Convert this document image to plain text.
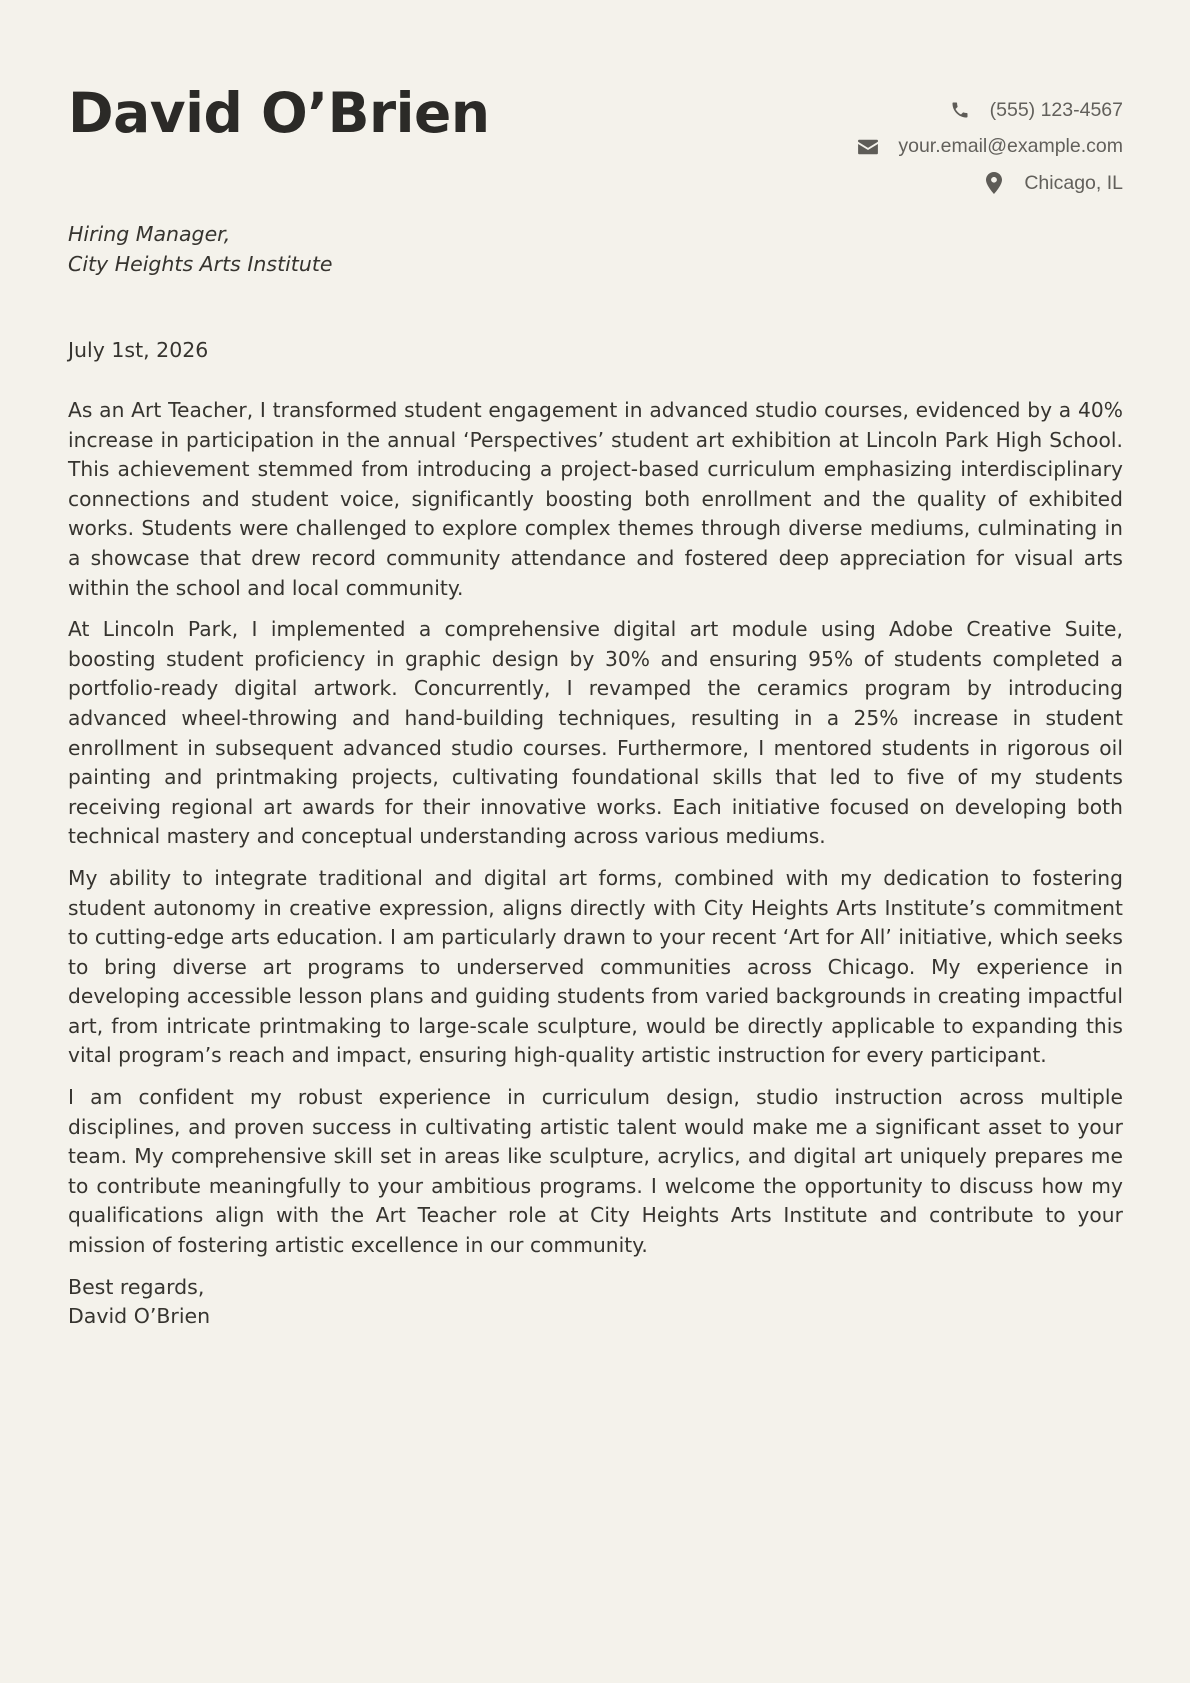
David O’Brien	(555) 123-4567
your.email@example.com
Chicago, IL
Hiring Manager,
City Heights Arts Institute
July 1st, 2026

As an Art Teacher, I transformed student engagement in advanced studio courses, evidenced by a 40% increase in participation in the annual ‘Perspectives’ student art exhibition at Lincoln Park High School. This achievement stemmed from introducing a project-based curriculum emphasizing interdisciplinary connections and student voice, significantly boosting both enrollment and the quality of exhibited works. Students were challenged to explore complex themes through diverse mediums, culminating in a showcase that drew record community attendance and fostered deep appreciation for visual arts within the school and local community.

At Lincoln Park, I implemented a comprehensive digital art module using Adobe Creative Suite, boosting student proficiency in graphic design by 30% and ensuring 95% of students completed a portfolio-ready digital artwork. Concurrently, I revamped the ceramics program by introducing advanced wheel-throwing and hand-building techniques, resulting in a 25% increase in student enrollment in subsequent advanced studio courses. Furthermore, I mentored students in rigorous oil painting and printmaking projects, cultivating foundational skills that led to five of my students receiving regional art awards for their innovative works. Each initiative focused on developing both technical mastery and conceptual understanding across various mediums.

My ability to integrate traditional and digital art forms, combined with my dedication to fostering student autonomy in creative expression, aligns directly with City Heights Arts Institute’s commitment to cutting-edge arts education. I am particularly drawn to your recent ‘Art for All’ initiative, which seeks to bring diverse art programs to underserved communities across Chicago. My experience in developing accessible lesson plans and guiding students from varied backgrounds in creating impactful art, from intricate printmaking to large-scale sculpture, would be directly applicable to expanding this vital program’s reach and impact, ensuring high-quality artistic instruction for every participant.

I am confident my robust experience in curriculum design, studio instruction across multiple disciplines, and proven success in cultivating artistic talent would make me a significant asset to your team. My comprehensive skill set in areas like sculpture, acrylics, and digital art uniquely prepares me to contribute meaningfully to your ambitious programs. I welcome the opportunity to discuss how my qualifications align with the Art Teacher role at City Heights Arts Institute and contribute to your mission of fostering artistic excellence in our community.

Best regards,
David O’Brien
